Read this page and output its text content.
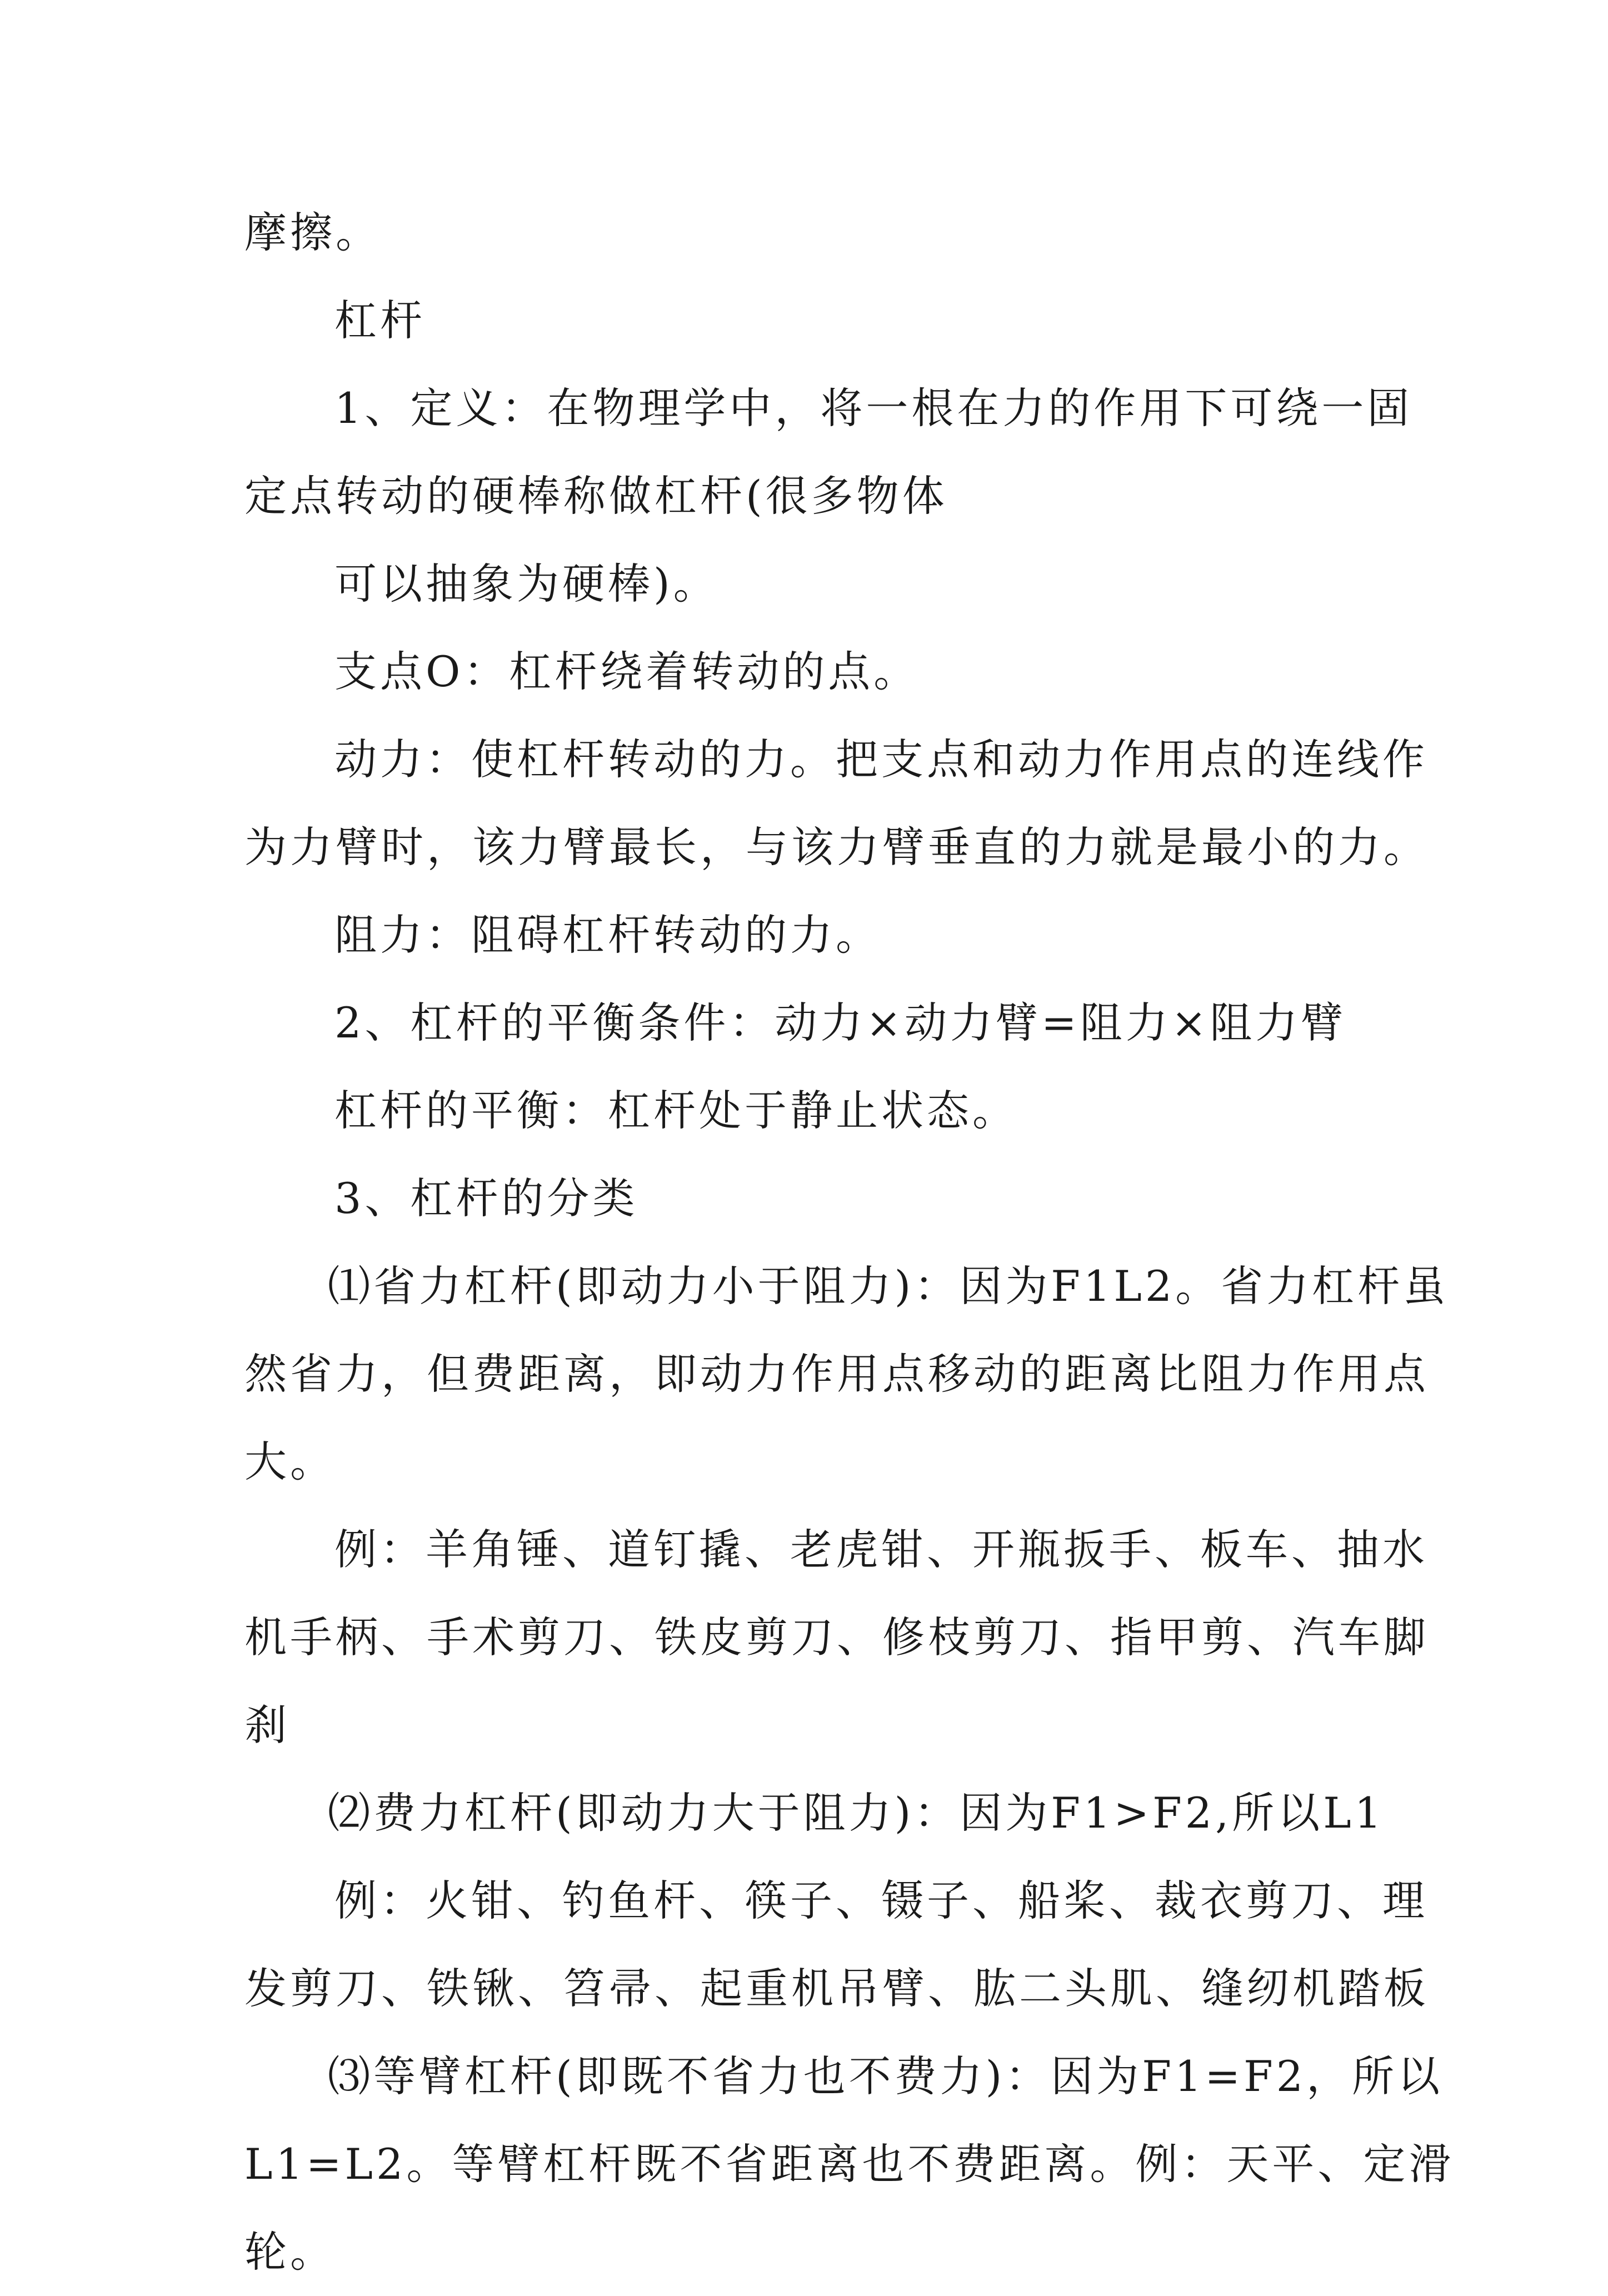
摩擦。
杠杆
1、定义：在物理学中，将一根在力的作用下可绕一固
定点转动的硬棒称做杠杆(很多物体
可以抽象为硬棒)。
支点O：杠杆绕着转动的点。
动力：使杠杆转动的力。把支点和动力作用点的连线作
为力臂时，该力臂最长，与该力臂垂直的力就是最小的力。
阻力：阻碍杠杆转动的力。
2、杠杆的平衡条件：动力×动力臂=阻力×阻力臂
杠杆的平衡：杠杆处于静止状态。
3、杠杆的分类
⑴省力杠杆(即动力小于阻力)：因为F1L2。省力杠杆虽
然省力，但费距离，即动力作用点移动的距离比阻力作用点
大。
例：羊角锤、道钉撬、老虎钳、开瓶扳手、板车、抽水
机手柄、手术剪刀、铁皮剪刀、修枝剪刀、指甲剪、汽车脚
刹
⑵费力杠杆(即动力大于阻力)：因为F1>F2,所以L1
例：火钳、钓鱼杆、筷子、镊子、船桨、裁衣剪刀、理
发剪刀、铁锹、笤帚、起重机吊臂、肱二头肌、缝纫机踏板
⑶等臂杠杆(即既不省力也不费力)：因为F1=F2，所以
L1=L2。等臂杠杆既不省距离也不费距离。例：天平、定滑
轮。
